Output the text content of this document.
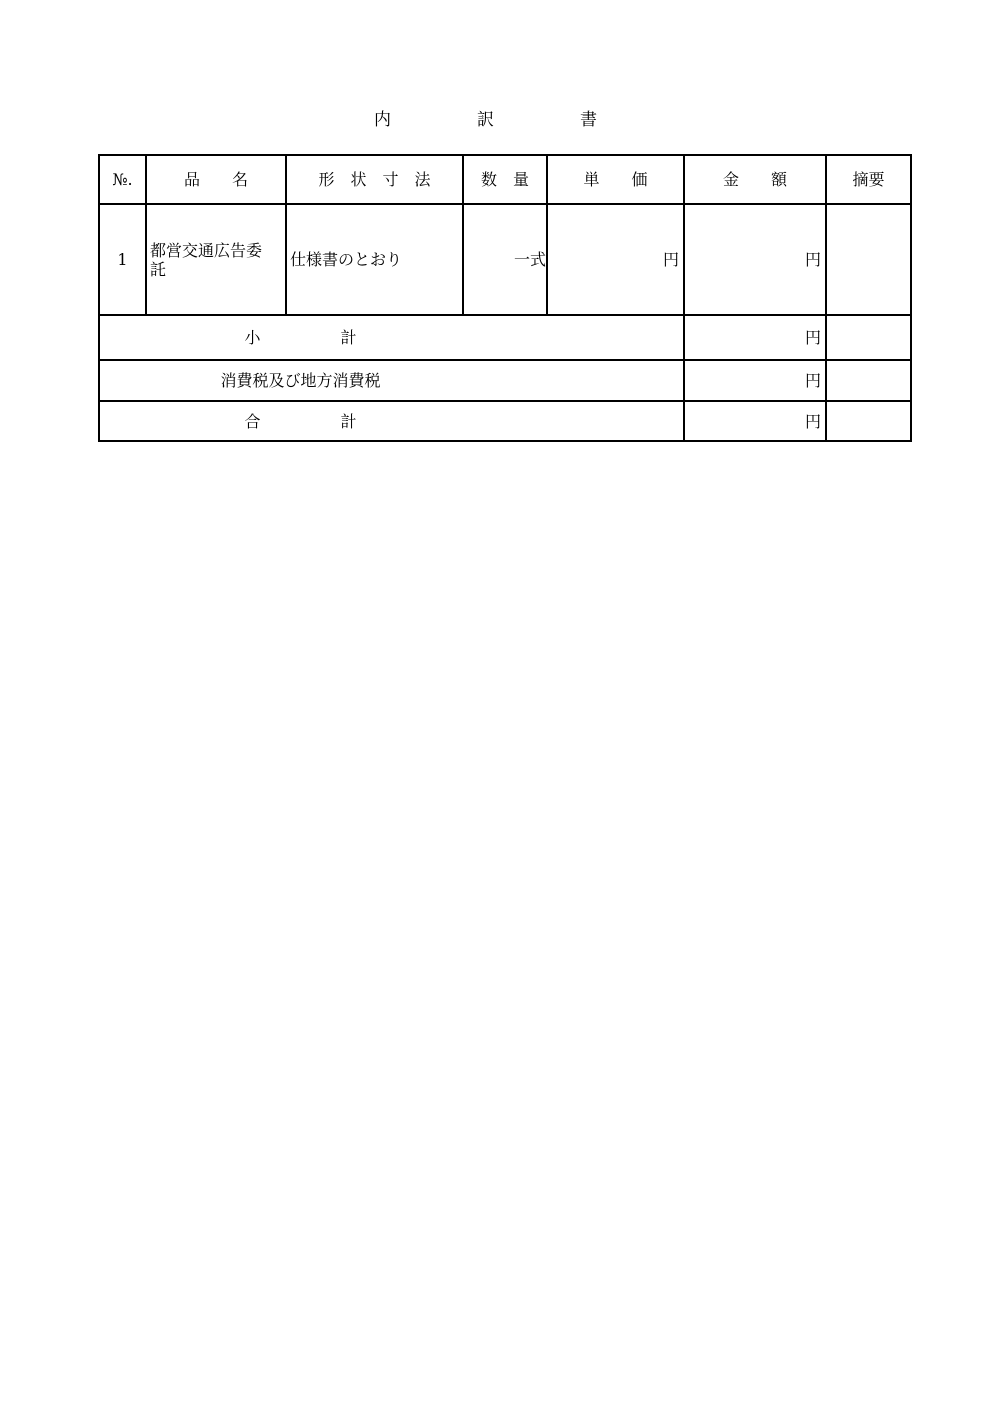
内	訳	書
№.	品　　名	形　状　寸　法	数　量	単　　価	金　　額	摘要
1	都営交通広告委託	仕様書のとおり	一式	円	円	
小　　　　　計					円	
消費税及び地方消費税					円	
合　　　　　計					円	
